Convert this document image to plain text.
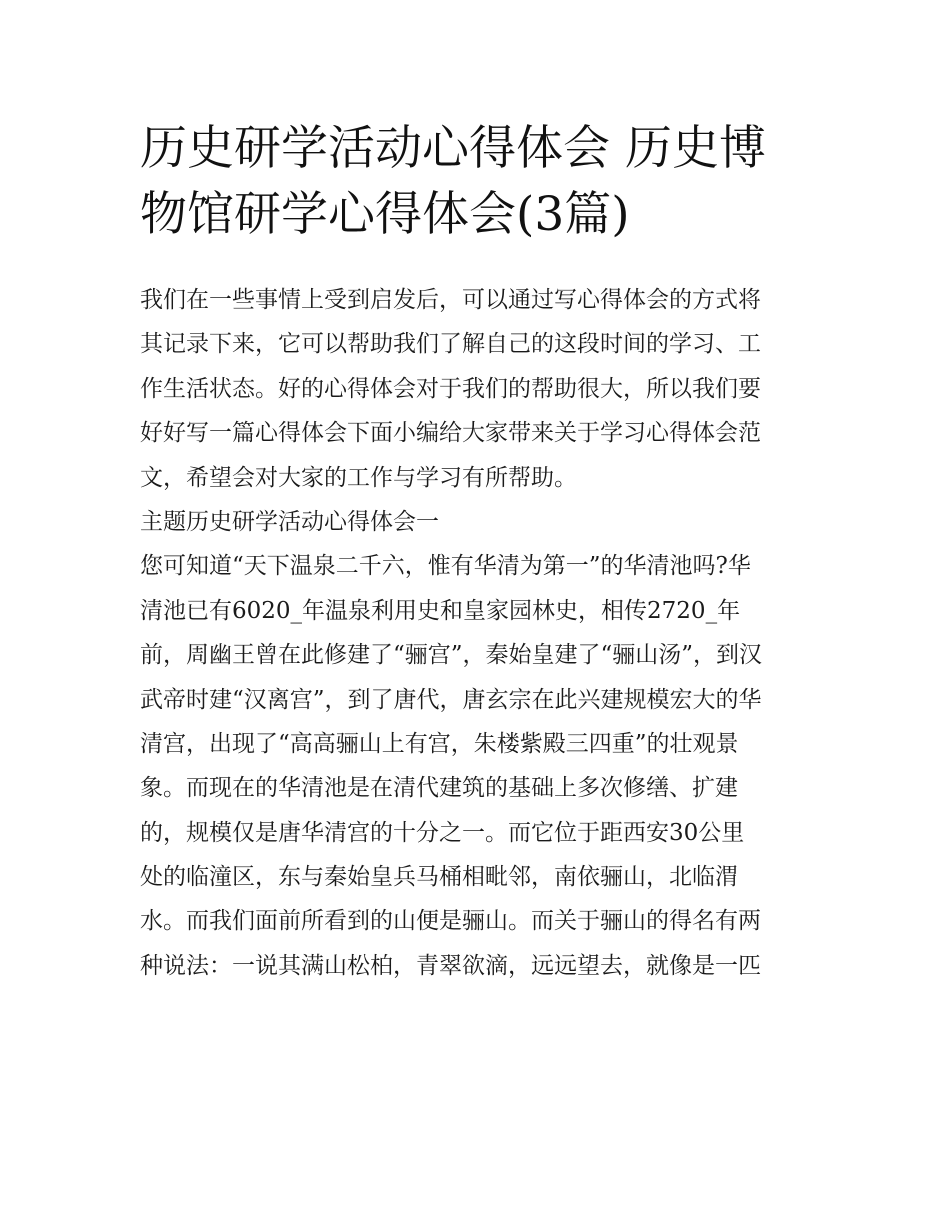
历史研学活动心得体会 历史博
物馆研学心得体会(3篇)
我们在一些事情上受到启发后，可以通过写心得体会的方式将
其记录下来，它可以帮助我们了解自己的这段时间的学习、工
作生活状态。好的心得体会对于我们的帮助很大，所以我们要
好好写一篇心得体会下面小编给大家带来关于学习心得体会范
文，希望会对大家的工作与学习有所帮助。
主题历史研学活动心得体会一
您可知道“天下温泉二千六，惟有华清为第一”的华清池吗?华
清池已有6020_年温泉利用史和皇家园林史，相传2720_年
前，周幽王曾在此修建了“骊宫”，秦始皇建了“骊山汤”，到汉
武帝时建“汉离宫”，到了唐代，唐玄宗在此兴建规模宏大的华
清宫，出现了“高高骊山上有宫，朱楼紫殿三四重”的壮观景
象。而现在的华清池是在清代建筑的基础上多次修缮、扩建
的，规模仅是唐华清宫的十分之一。而它位于距西安30公里
处的临潼区，东与秦始皇兵马桶相毗邻，南依骊山，北临渭
水。而我们面前所看到的山便是骊山。而关于骊山的得名有两
种说法：一说其满山松柏，青翠欲滴，远远望去，就像是一匹
